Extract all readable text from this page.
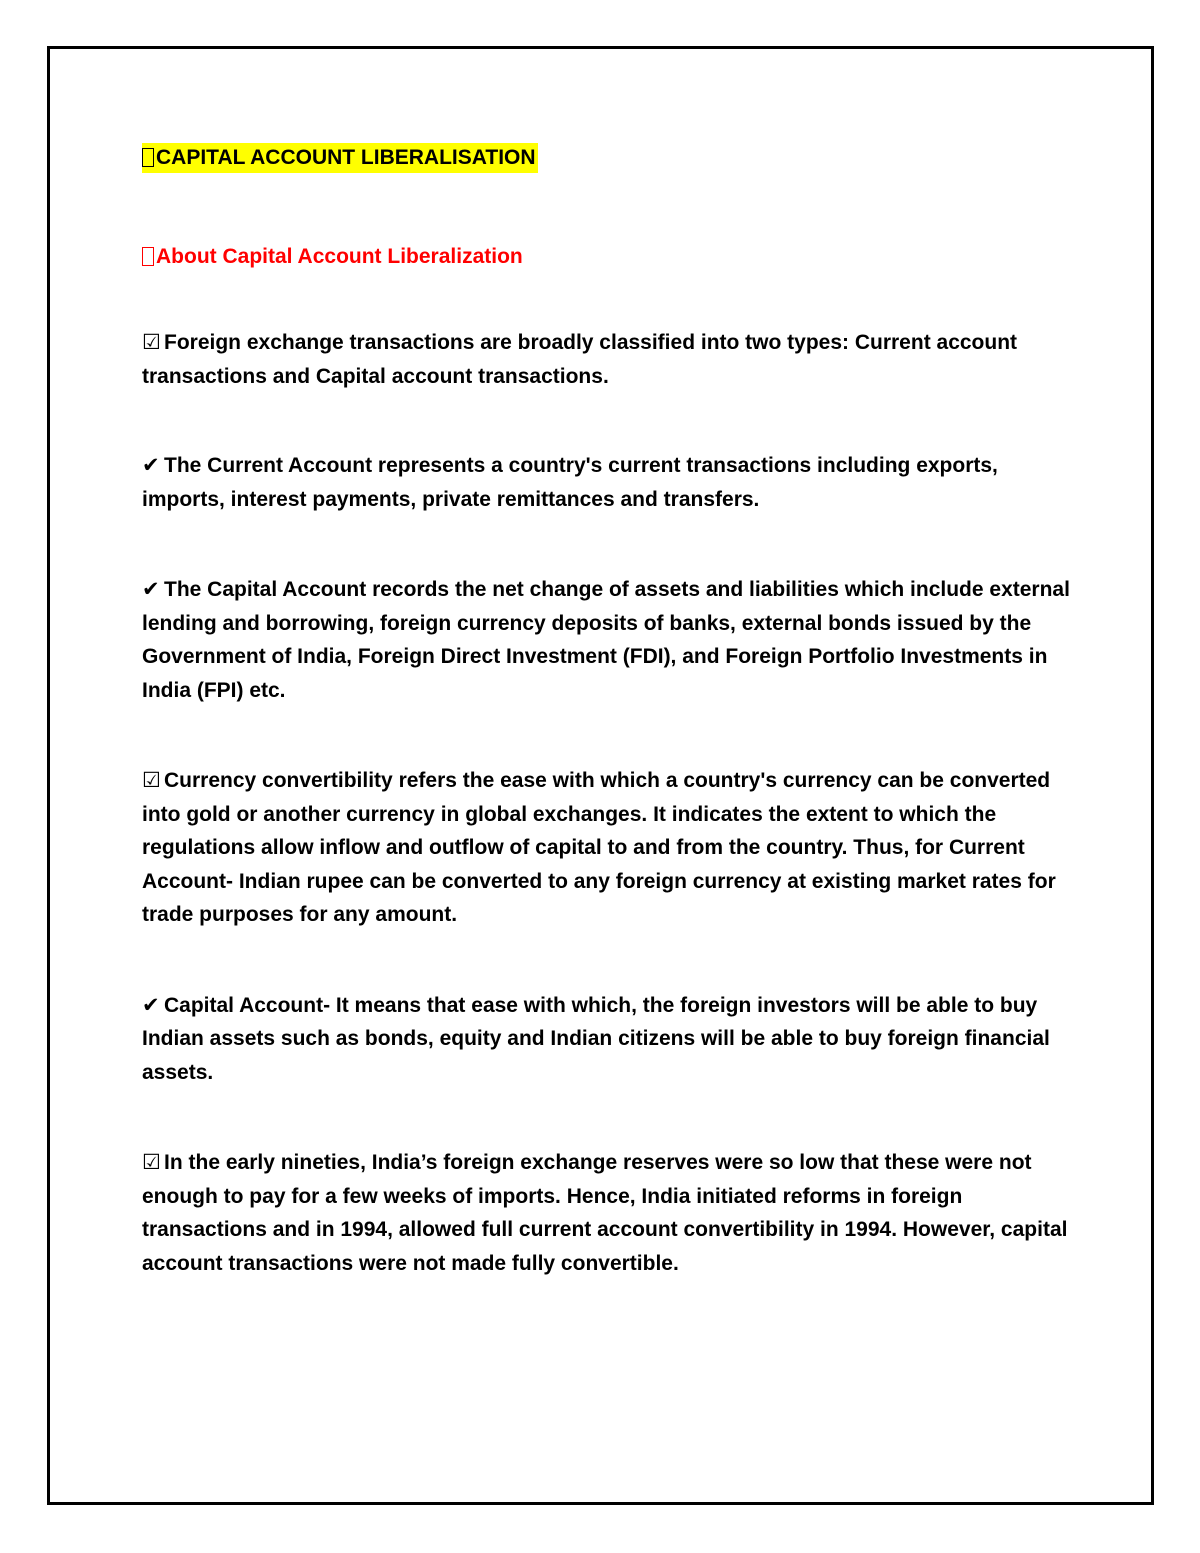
CAPITAL ACCOUNT LIBERALISATION
About Capital Account Liberalization

☑ Foreign exchange transactions are broadly classified into two types: Current account transactions and Capital account transactions.

✔ The Current Account represents a country's current transactions including exports, imports, interest payments, private remittances and transfers.

✔ The Capital Account records the net change of assets and liabilities which include external lending and borrowing, foreign currency deposits of banks, external bonds issued by the Government of India, Foreign Direct Investment (FDI), and Foreign Portfolio Investments in India (FPI) etc.

☑ Currency convertibility refers the ease with which a country's currency can be converted into gold or another currency in global exchanges. It indicates the extent to which the regulations allow inflow and outflow of capital to and from the country. Thus, for Current Account- Indian rupee can be converted to any foreign currency at existing market rates for trade purposes for any amount.

✔ Capital Account- It means that ease with which, the foreign investors will be able to buy Indian assets such as bonds, equity and Indian citizens will be able to buy foreign financial assets.

☑ In the early nineties, India’s foreign exchange reserves were so low that these were not enough to pay for a few weeks of imports. Hence, India initiated reforms in foreign transactions and in 1994, allowed full current account convertibility in 1994. However, capital account transactions were not made fully convertible.
